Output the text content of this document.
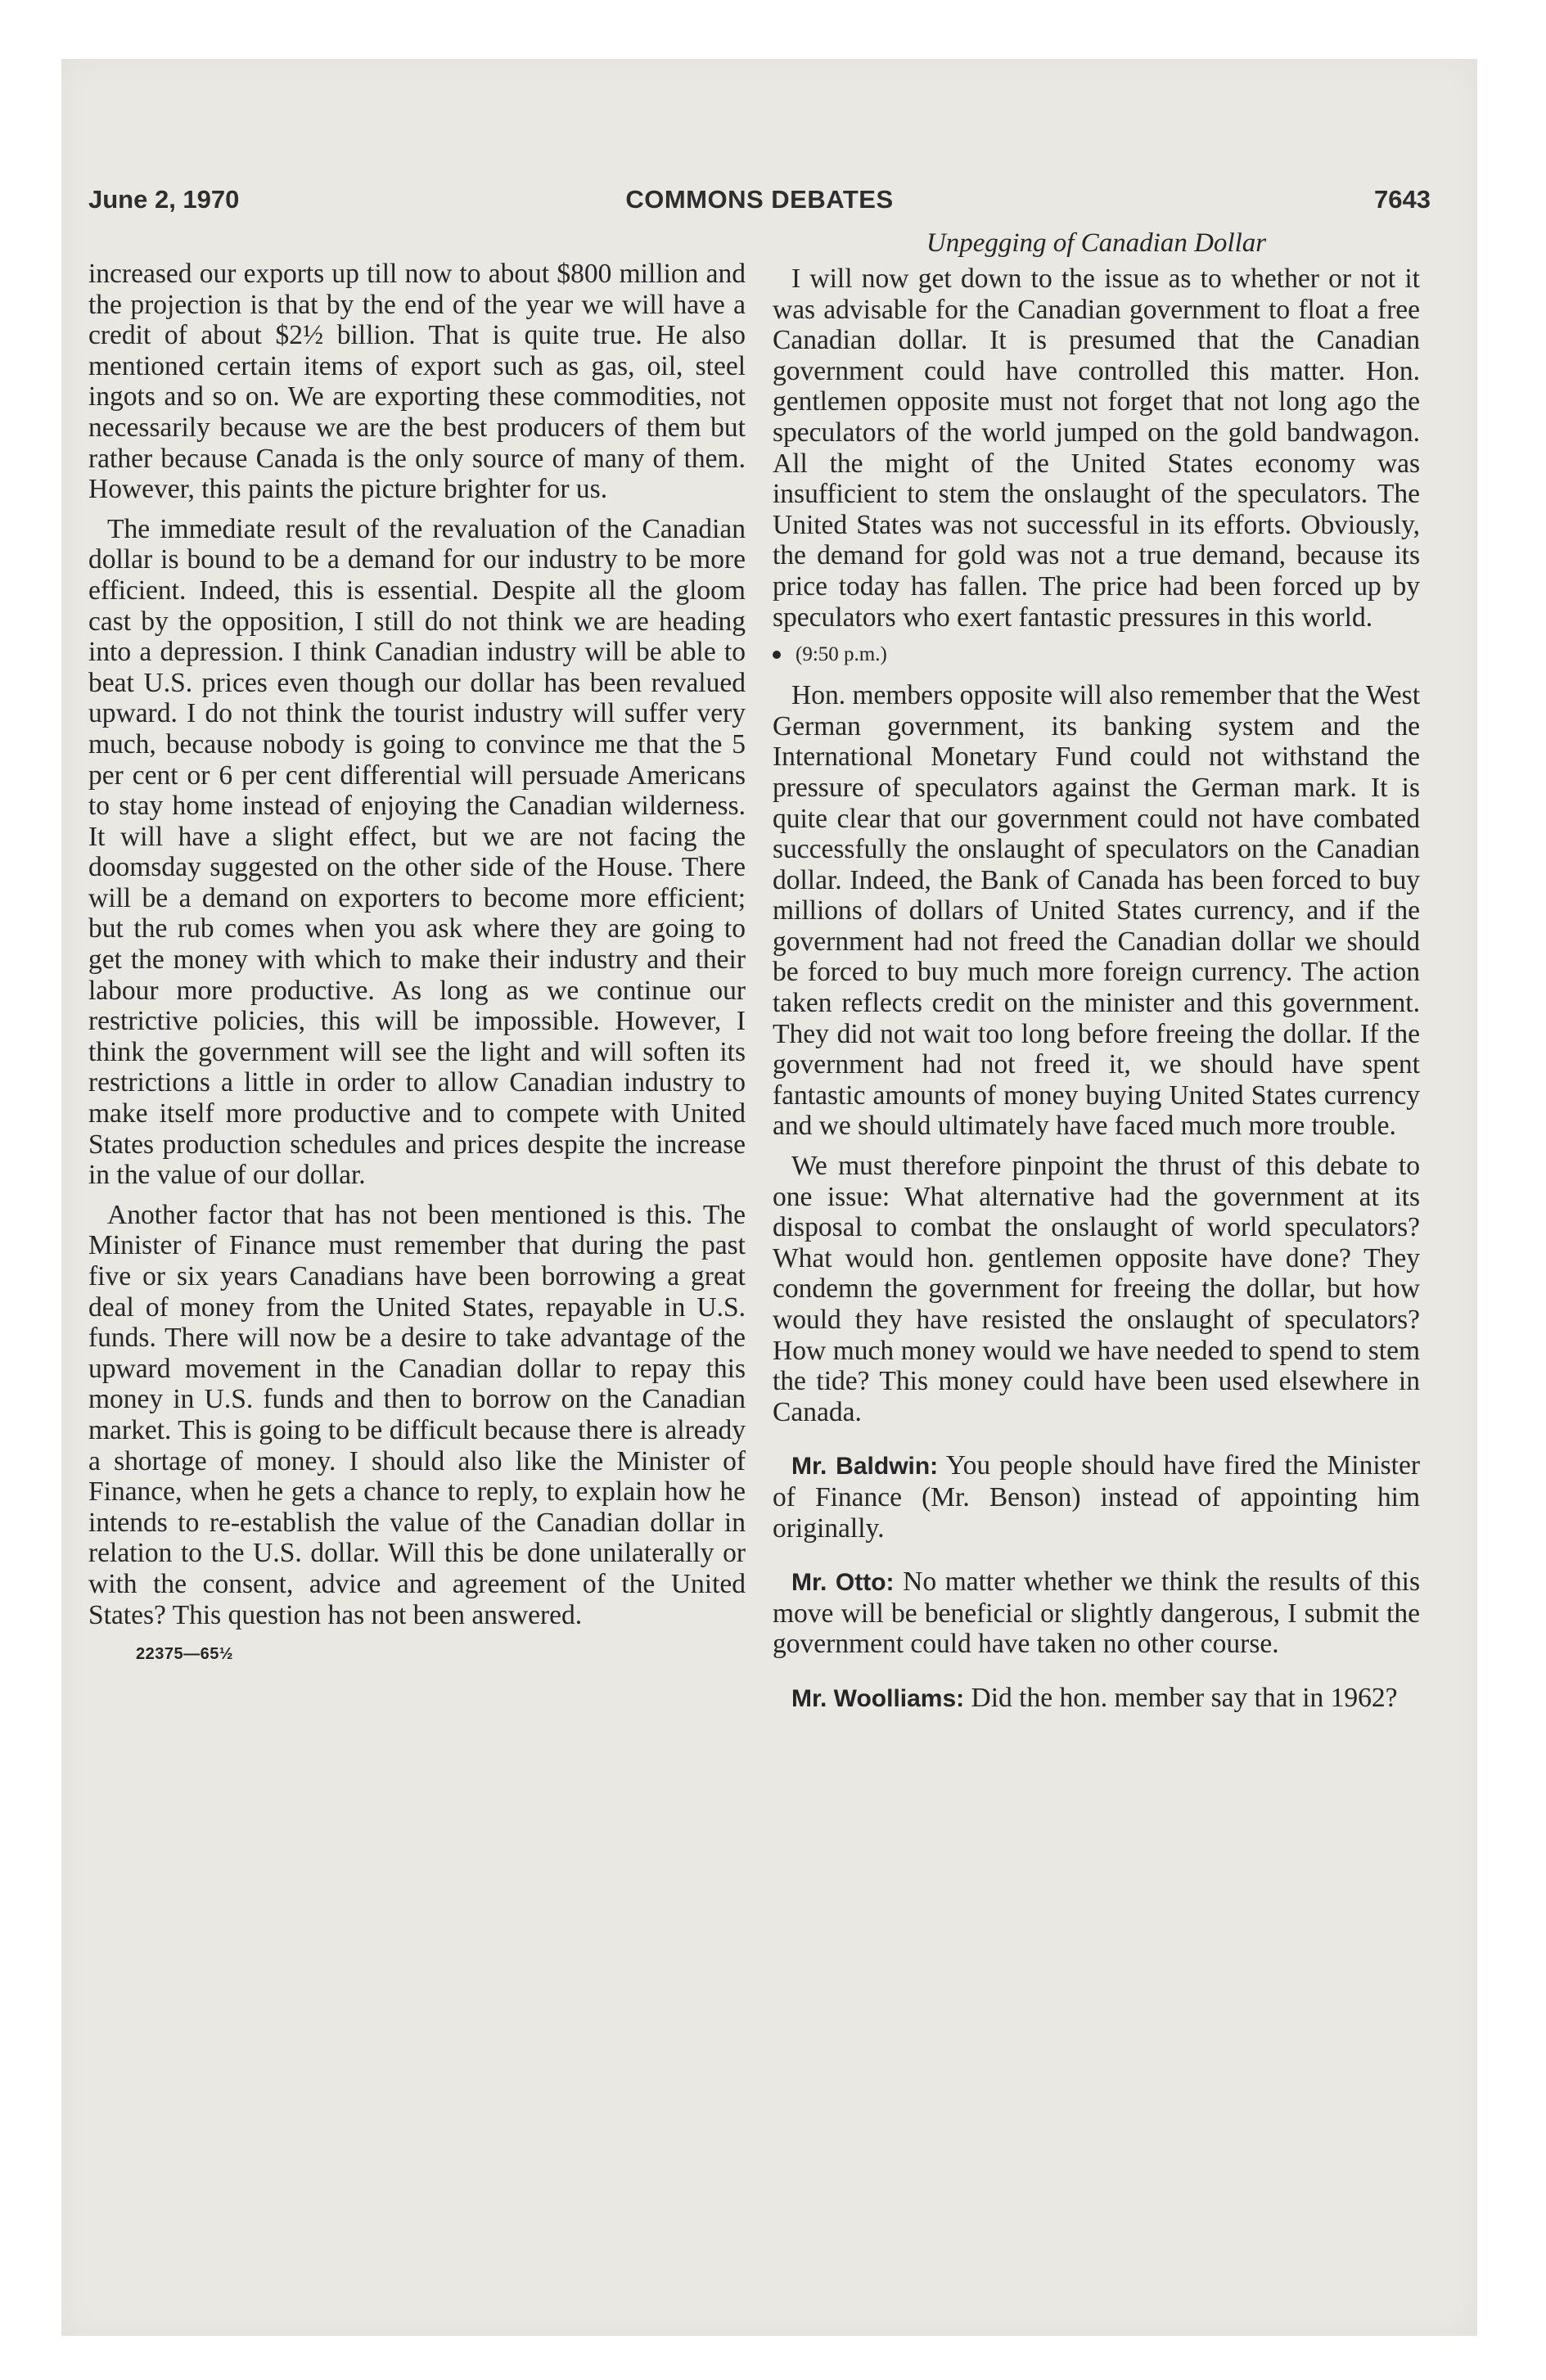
June 2, 1970	COMMONS DEBATES	7643

increased our exports up till now to about $800 million and the projection is that by the end of the year we will have a credit of about $2½ billion. That is quite true. He also mentioned certain items of export such as gas, oil, steel ingots and so on. We are exporting these commodities, not necessarily because we are the best producers of them but rather because Canada is the only source of many of them. However, this paints the picture brighter for us.

The immediate result of the revaluation of the Canadian dollar is bound to be a demand for our industry to be more efficient. Indeed, this is essential. Despite all the gloom cast by the opposition, I still do not think we are heading into a depression. I think Canadian industry will be able to beat U.S. prices even though our dollar has been revalued upward. I do not think the tourist industry will suffer very much, because nobody is going to convince me that the 5 per cent or 6 per cent differential will persuade Americans to stay home instead of enjoying the Canadian wilderness. It will have a slight effect, but we are not facing the doomsday suggested on the other side of the House. There will be a demand on exporters to become more efficient; but the rub comes when you ask where they are going to get the money with which to make their industry and their labour more productive. As long as we continue our restrictive policies, this will be impossible. However, I think the government will see the light and will soften its restrictions a little in order to allow Canadian industry to make itself more productive and to compete with United States production schedules and prices despite the increase in the value of our dollar.

Another factor that has not been mentioned is this. The Minister of Finance must remember that during the past five or six years Canadians have been borrowing a great deal of money from the United States, repayable in U.S. funds. There will now be a desire to take advantage of the upward movement in the Canadian dollar to repay this money in U.S. funds and then to borrow on the Canadian market. This is going to be difficult because there is already a shortage of money. I should also like the Minister of Finance, when he gets a chance to reply, to explain how he intends to re-establish the value of the Canadian dollar in relation to the U.S. dollar. Will this be done unilaterally or with the consent, advice and agreement of the United States? This question has not been answered.

22375—65½
Unpegging of Canadian Dollar

I will now get down to the issue as to whether or not it was advisable for the Canadian government to float a free Canadian dollar. It is presumed that the Canadian government could have controlled this matter. Hon. gentlemen opposite must not forget that not long ago the speculators of the world jumped on the gold bandwagon. All the might of the United States economy was insufficient to stem the onslaught of the speculators. The United States was not successful in its efforts. Obviously, the demand for gold was not a true demand, because its price today has fallen. The price had been forced up by speculators who exert fantastic pressures in this world.

(9:50 p.m.)

Hon. members opposite will also remember that the West German government, its banking system and the International Monetary Fund could not withstand the pressure of speculators against the German mark. It is quite clear that our government could not have combated successfully the onslaught of speculators on the Canadian dollar. Indeed, the Bank of Canada has been forced to buy millions of dollars of United States currency, and if the government had not freed the Canadian dollar we should be forced to buy much more foreign currency. The action taken reflects credit on the minister and this government. They did not wait too long before freeing the dollar. If the government had not freed it, we should have spent fantastic amounts of money buying United States currency and we should ultimately have faced much more trouble.

We must therefore pinpoint the thrust of this debate to one issue: What alternative had the government at its disposal to combat the onslaught of world speculators? What would hon. gentlemen opposite have done? They condemn the government for freeing the dollar, but how would they have resisted the onslaught of speculators? How much money would we have needed to spend to stem the tide? This money could have been used elsewhere in Canada.

Mr. Baldwin: You people should have fired the Minister of Finance (Mr. Benson) instead of appointing him originally.

Mr. Otto: No matter whether we think the results of this move will be beneficial or slightly dangerous, I submit the government could have taken no other course.

Mr. Woolliams: Did the hon. member say that in 1962?
